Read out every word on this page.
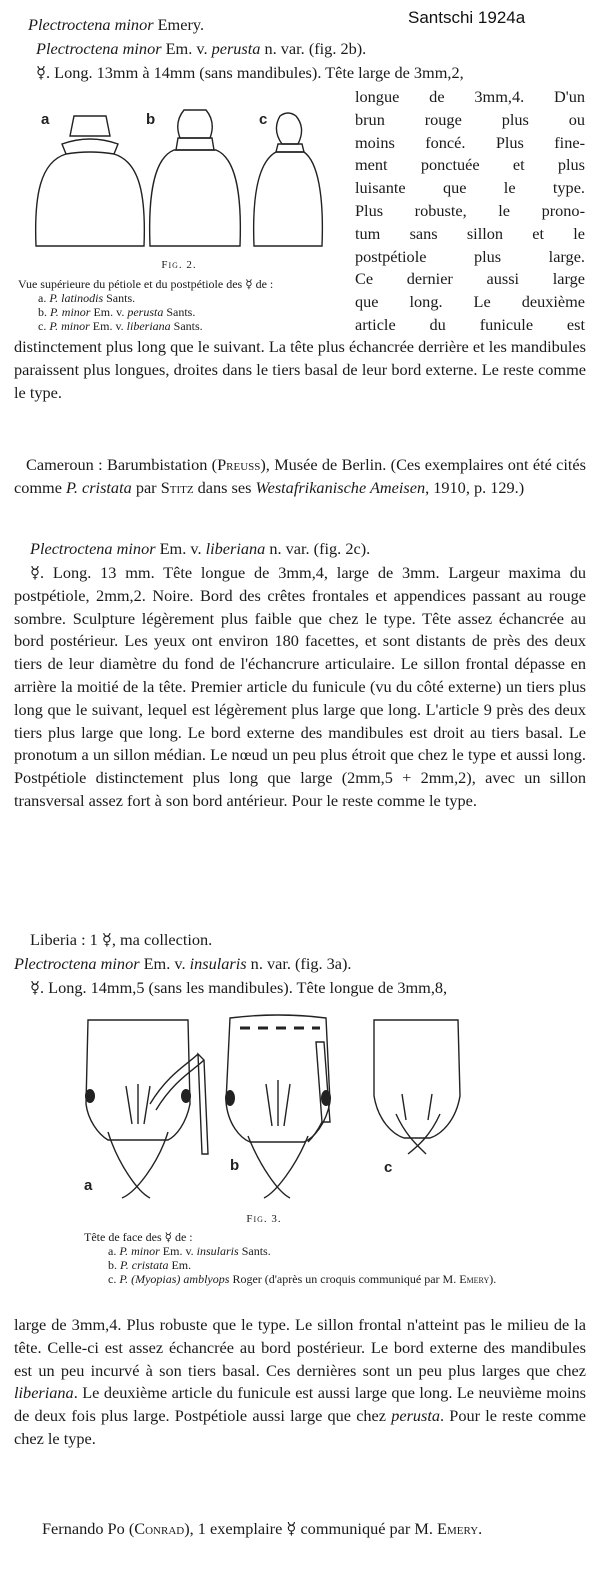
Santschi 1924a

Plectroctena minor Emery.

Plectroctena minor Em. v. perusta n. var. (fig. 2b).

☿. Long. 13mm à 14mm (sans mandibules). Tête large de 3mm,2,

a	b	c

Fig. 2.

Vue supérieure du pétiole et du postpétiole des ☿ de :

a. P. latinodis Sants.

b. P. minor Em. v. perusta Sants.

c. P. minor Em. v. liberiana Sants.

longue de 3mm,4. D'un

brun rouge plus ou

moins foncé. Plus fine-

ment ponctuée et plus

luisante que le type.

Plus robuste, le prono-

tum sans sillon et le

postpétiole plus large.

Ce dernier aussi large

que long. Le deuxième

article du funicule est

distinctement plus long que le suivant. La tête plus échancrée derrière et les mandibules paraissent plus longues, droites dans le tiers basal de leur bord externe. Le reste comme le type.

Cameroun : Barumbistation (Preuss), Musée de Berlin. (Ces exemplaires ont été cités comme P. cristata par Stitz dans ses Westafrikanische Ameisen, 1910, p. 129.)

Plectroctena minor Em. v. liberiana n. var. (fig. 2c).

☿. Long. 13 mm. Tête longue de 3mm,4, large de 3mm. Largeur maxima du postpétiole, 2mm,2. Noire. Bord des crêtes frontales et appendices passant au rouge sombre. Sculpture légèrement plus faible que chez le type. Tête assez échancrée au bord postérieur. Les yeux ont environ 180 facettes, et sont distants de près des deux tiers de leur diamètre du fond de l'échancrure articulaire. Le sillon frontal dépasse en arrière la moitié de la tête. Premier article du funicule (vu du côté externe) un tiers plus long que le suivant, lequel est légèrement plus large que long. L'article 9 près des deux tiers plus large que long. Le bord externe des mandibules est droit au tiers basal. Le pronotum a un sillon médian. Le nœud un peu plus étroit que chez le type et aussi long. Postpétiole distinctement plus long que large (2mm,5 + 2mm,2), avec un sillon transversal assez fort à son bord antérieur. Pour le reste comme le type.

Liberia : 1 ☿, ma collection.

Plectroctena minor Em. v. insularis n. var. (fig. 3a).

☿. Long. 14mm,5 (sans les mandibules). Tête longue de 3mm,8,

a
b	c

Fig. 3.

Tête de face des ☿ de :

a. P. minor Em. v. insularis Sants.

b. P. cristata Em.

c. P. (Myopias) amblyops Roger (d'après un croquis communiqué par M. Emery).

large de 3mm,4. Plus robuste que le type. Le sillon frontal n'atteint pas le milieu de la tête. Celle-ci est assez échancrée au bord postérieur. Le bord externe des mandibules est un peu incurvé à son tiers basal. Ces dernières sont un peu plus larges que chez liberiana. Le deuxième article du funicule est aussi large que long. Le neuvième moins de deux fois plus large. Postpétiole aussi large que chez perusta. Pour le reste comme chez le type.

Fernando Po (Conrad), 1 exemplaire ☿ communiqué par M. Emery.
